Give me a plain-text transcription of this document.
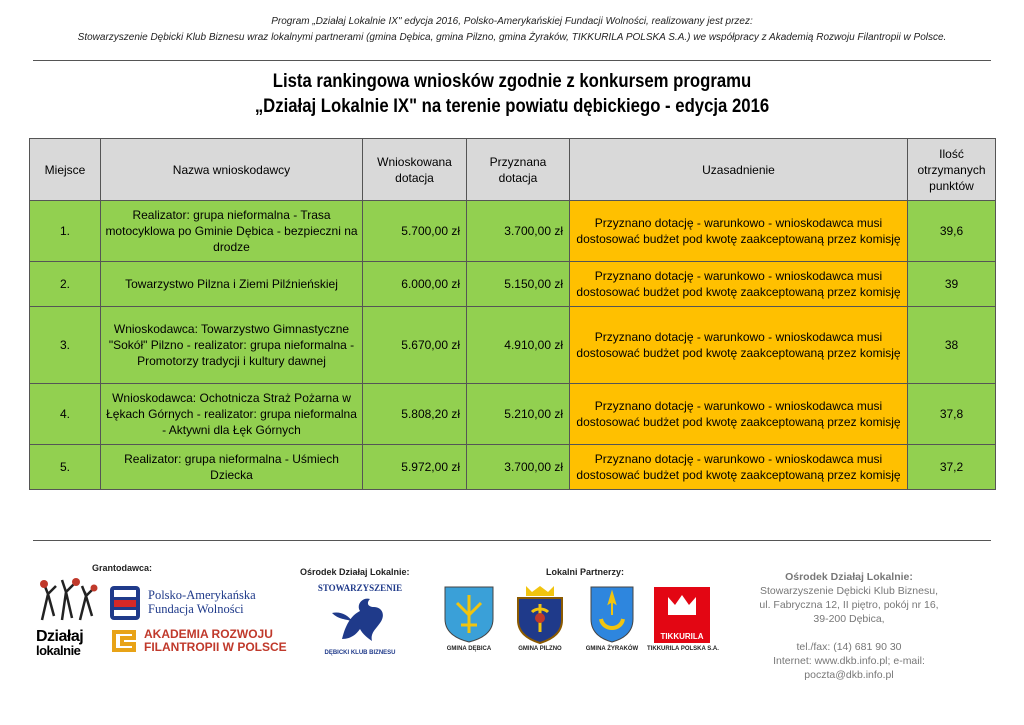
Program „Działaj Lokalnie IX" edycja 2016, Polsko-Amerykańskiej Fundacji Wolności, realizowany jest przez:
Stowarzyszenie Dębicki Klub Biznesu wraz lokalnymi partnerami (gmina Dębica, gmina Pilzno, gmina Żyraków, TIKKURILA POLSKA S.A.) we współpracy z Akademią Rozwoju Filantropii w Polsce.
Lista rankingowa wniosków zgodnie z konkursem programu
„Działaj Lokalnie IX" na terenie powiatu dębickiego - edycja 2016
Miejsce	Nazwa wnioskodawcy	Wnioskowana dotacja	Przyznana dotacja	Uzasadnienie	Ilość otrzymanych punktów
1.	Realizator: grupa nieformalna - Trasa motocyklowa po Gminie Dębica - bezpieczni na drodze	5.700,00 zł	3.700,00 zł	Przyznano dotację - warunkowo - wnioskodawca musi dostosować budżet pod kwotę zaakceptowaną przez komisję	39,6
2.	Towarzystwo Pilzna i Ziemi Pilźnieńskiej	6.000,00 zł	5.150,00 zł	Przyznano dotację - warunkowo - wnioskodawca musi dostosować budżet pod kwotę zaakceptowaną przez komisję	39
3.	Wnioskodawca: Towarzystwo Gimnastyczne "Sokół" Pilzno - realizator: grupa nieformalna - Promotorzy tradycji i kultury dawnej	5.670,00 zł	4.910,00 zł	Przyznano dotację - warunkowo - wnioskodawca musi dostosować budżet pod kwotę zaakceptowaną przez komisję	38
4.	Wnioskodawca: Ochotnicza Straż Pożarna w Łękach Górnych - realizator: grupa nieformalna - Aktywni dla Łęk Górnych	5.808,20 zł	5.210,00 zł	Przyznano dotację - warunkowo - wnioskodawca musi dostosować budżet pod kwotę zaakceptowaną przez komisję	37,8
5.	Realizator: grupa nieformalna - Uśmiech Dziecka	5.972,00 zł	3.700,00 zł	Przyznano dotację - warunkowo - wnioskodawca musi dostosować budżet pod kwotę zaakceptowaną przez komisję	37,2
Grantodawca:	Ośrodek Działaj Lokalnie:	Lokalni Partnerzy:
Działaj
lokalnie
Polsko-Amerykańska
Fundacja Wolności
AKADEMIA ROZWOJU
FILANTROPII W POLSCE
STOWARZYSZENIE
DĘBICKI KLUB BIZNESU
GMINA DĘBICA	GMINA PILZNO	GMINA ŻYRAKÓW
TIKKURILA
TIKKURILA POLSKA S.A.
Ośrodek Działaj Lokalnie:
Stowarzyszenie Dębicki Klub Biznesu,
ul. Fabryczna 12, II piętro, pokój nr 16,
39-200 Dębica,
tel./fax: (14) 681 90 30
Internet: www.dkb.info.pl; e-mail: poczta@dkb.info.pl
